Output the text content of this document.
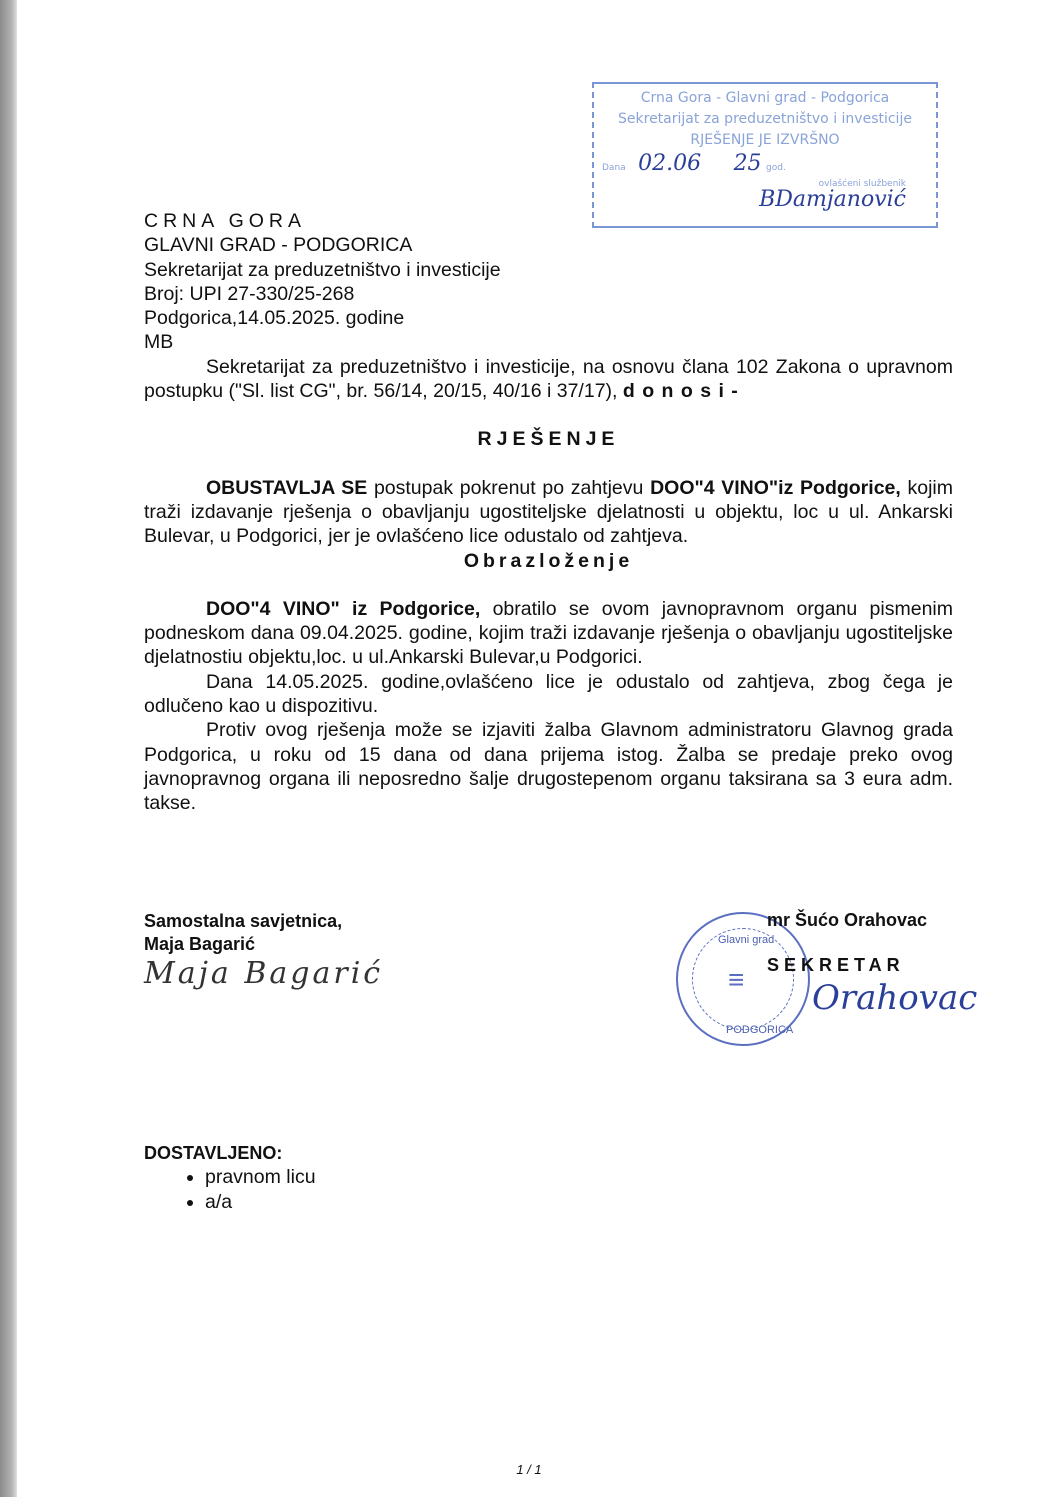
Crna Gora - Glavni grad - Podgorica
Sekretarijat za preduzetništvo i investicije
RJEŠENJE JE IZVRŠNO
Dana 02.06 25 god.
ovlašćeni službenik
BDamjanović
CRNA GORA
GLAVNI GRAD - PODGORICA
Sekretarijat za preduzetništvo i investicije
Broj: UPI 27-330/25-268
Podgorica,14.05.2025. godine
MB
Sekretarijat za preduzetništvo i investicije, na osnovu člana 102 Zakona o upravnom postupku ("Sl. list CG", br. 56/14, 20/15, 40/16 i 37/17), d o n o s i -
RJEŠENJE
OBUSTAVLJA SE postupak pokrenut po zahtjevu DOO"4 VINO"iz Podgorice, kojim traži izdavanje rješenja o obavljanju ugostiteljske djelatnosti u objektu, loc u ul. Ankarski Bulevar, u Podgorici, jer je ovlašćeno lice odustalo od zahtjeva.
Obrazloženje
DOO"4 VINO" iz Podgorice, obratilo se ovom javnopravnom organu pismenim podneskom dana 09.04.2025. godine, kojim traži izdavanje rješenja o obavljanju ugostiteljske djelatnostiu objektu,loc. u ul.Ankarski Bulevar,u Podgorici.
Dana 14.05.2025. godine,ovlašćeno lice je odustalo od zahtjeva, zbog čega je odlučeno kao u dispozitivu.
Protiv ovog rješenja može se izjaviti žalba Glavnom administratoru Glavnog grada Podgorica, u roku od 15 dana od dana prijema istog. Žalba se predaje preko ovog javnopravnog organa ili neposredno šalje drugostepenom organu taksirana sa 3 eura adm. takse.
Samostalna savjetnica,
Maja Bagarić
Maja Bagarić
Glavni grad
PODGORICA
≡
mr Šućo Orahovac
SEKRETAR
Orahovac
DOSTAVLJENO:
• pravnom licu
• a/a
1 / 1
